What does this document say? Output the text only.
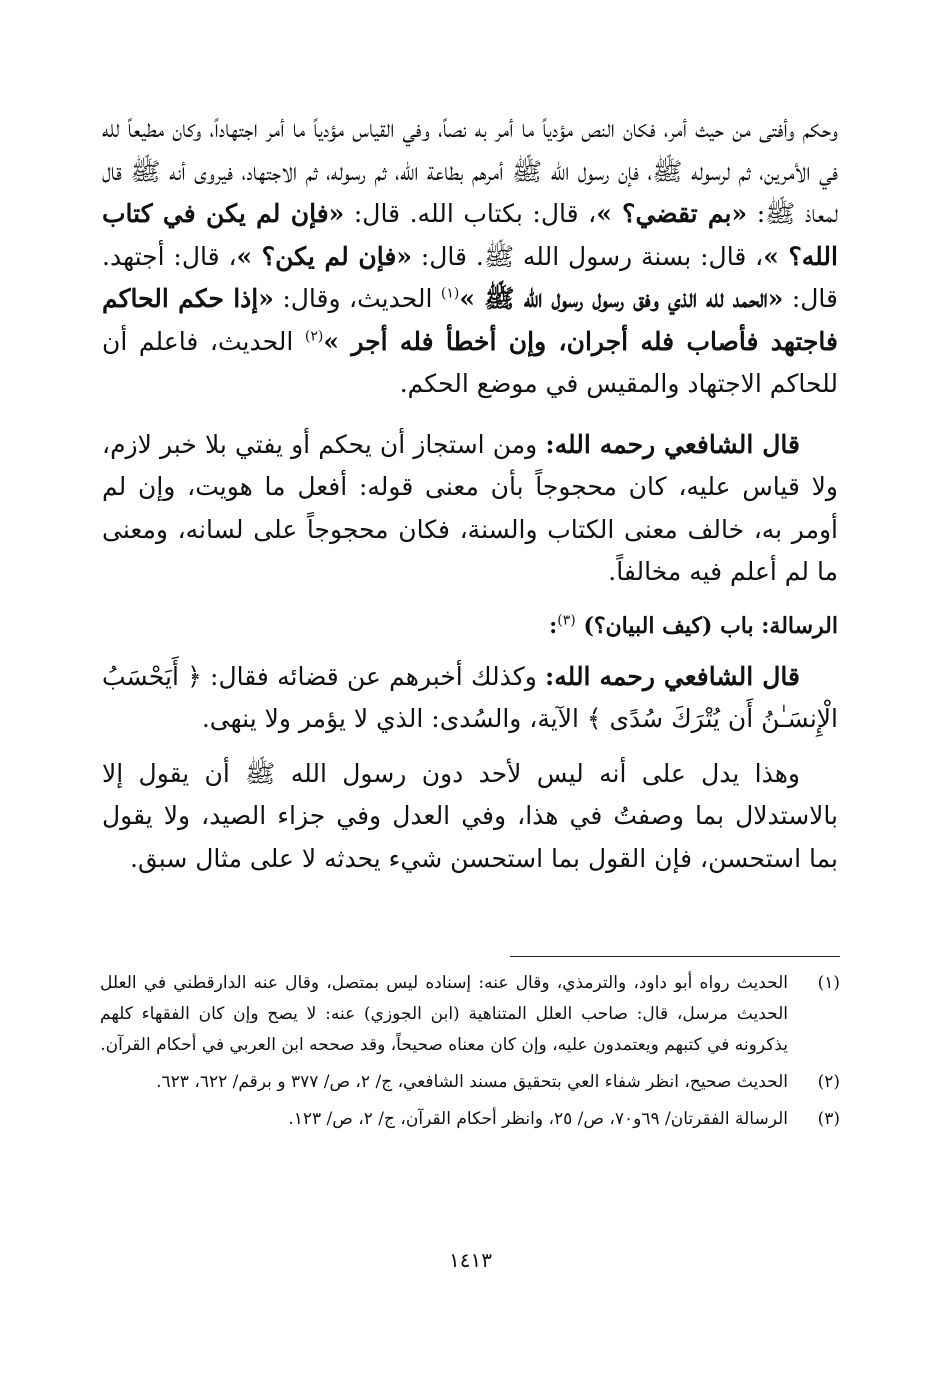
وحكم وأفتى من حيث أمر، فكان النص مؤدياً ما أمر به نصاً، وفي القياس مؤدياً ما أمر اجتهاداً، وكان مطيعاً لله في الأمرين، ثم لرسوله ﷺ، فإن رسول الله ﷺ أمرهم بطاعة الله، ثم رسوله، ثم الاجتهاد، فيروى أنه ﷺ قال لمعاذ ﷺ: «بم تقضي؟ »، قال: بكتاب الله. قال: «فإن لم يكن في كتاب الله؟ »، قال: بسنة رسول الله ﷺ. قال: «فإن لم يكن؟ »، قال: أجتهد. قال: «الحمد لله الذي وفق رسول رسول الله ﷺ »$^{(١)}$ الحديث، وقال: «إذا حكم الحاكم فاجتهد فأصاب فله أجران، وإن أخطأ فله أجر »$^{(٢)}$ الحديث، فاعلم أن للحاكم الاجتهاد والمقيس في موضع الحكم.

قال الشافعي رحمه الله: ومن استجاز أن يحكم أو يفتي بلا خبر لازم، ولا قياس عليه، كان محجوجاً بأن معنى قوله: أفعل ما هويت، وإن لم أومر به، خالف معنى الكتاب والسنة، فكان محجوجاً على لسانه، ومعنى ما لم أعلم فيه مخالفاً.

الرسالة: باب (كيف البيان؟) $^{(٣)}$:

قال الشافعي رحمه الله: وكذلك أخبرهم عن قضائه فقال: ﴿ أَيَحْسَبُ الْإِنسَـٰنُ أَن يُتْرَكَ سُدًى ﴾ الآية، والسُدى: الذي لا يؤمر ولا ينهى.

وهذا يدل على أنه ليس لأحد دون رسول الله ﷺ أن يقول إلا بالاستدلال بما وصفتُ في هذا، وفي العدل وفي جزاء الصيد، ولا يقول بما استحسن، فإن القول بما استحسن شيء يحدثه لا على مثال سبق.

(١)
الحديث رواه أبو داود، والترمذي، وقال عنه: إسناده ليس بمتصل، وقال عنه الدارقطني في العلل الحديث مرسل، قال: صاحب العلل المتناهية (ابن الجوزي) عنه: لا يصح وإن كان الفقهاء كلهم يذكرونه في كتبهم ويعتمدون عليه، وإن كان معناه صحيحاً، وقد صححه ابن العربي في أحكام القرآن.
(٢)
الحديث صحيح، انظر شفاء العي بتحقيق مسند الشافعي، ج/ ٢، ص/ ٣٧٧ و برقم/ ٦٢٢، ٦٢٣.
(٣)
الرسالة الفقرتان/ ٦٩و٧٠، ص/ ٢٥، وانظر أحكام القرآن، ج/ ٢، ص/ ١٢٣.
١٤١٣
